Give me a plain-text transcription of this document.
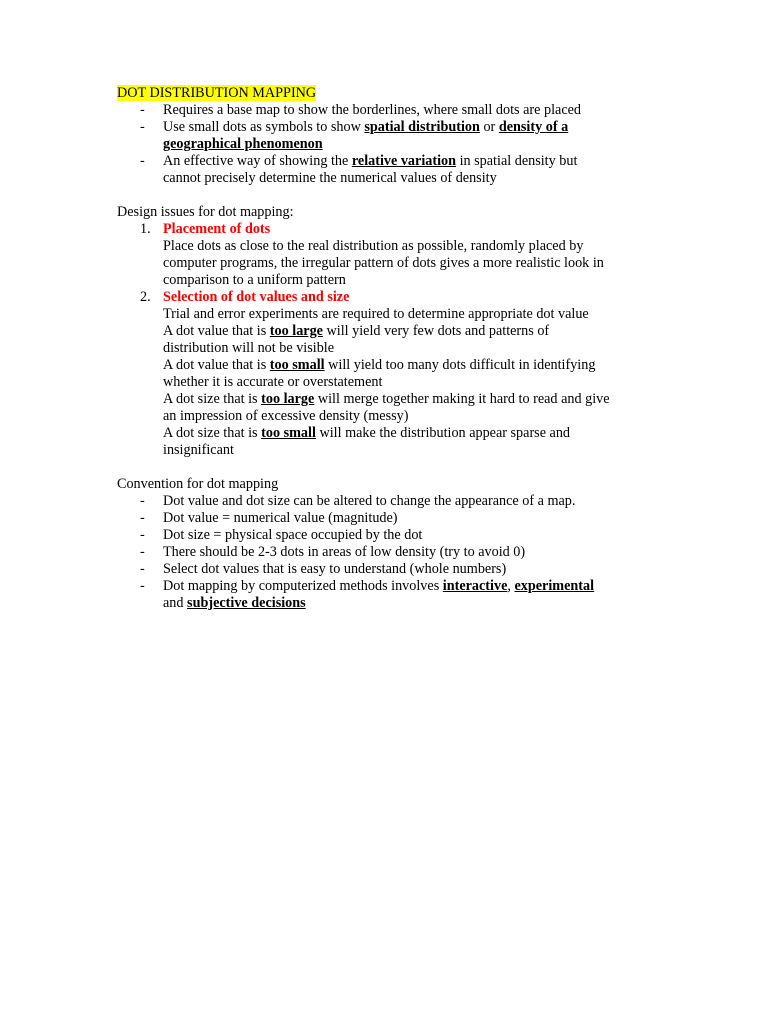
DOT DISTRIBUTION MAPPING
-	Requires a base map to show the borderlines, where small dots are placed
-	Use small dots as symbols to show spatial distribution or density of a
geographical phenomenon
-	An effective way of showing the relative variation in spatial density but
cannot precisely determine the numerical values of density
Design issues for dot mapping:
1. Placement of dots
Place dots as close to the real distribution as possible, randomly placed by
computer programs, the irregular pattern of dots gives a more realistic look in
comparison to a uniform pattern
2. Selection of dot values and size
Trial and error experiments are required to determine appropriate dot value
A dot value that is too large will yield very few dots and patterns of
distribution will not be visible
A dot value that is too small will yield too many dots difficult in identifying
whether it is accurate or overstatement
A dot size that is too large will merge together making it hard to read and give
an impression of excessive density (messy)
A dot size that is too small will make the distribution appear sparse and
insignificant
Convention for dot mapping
-	Dot value and dot size can be altered to change the appearance of a map.
-	Dot value = numerical value (magnitude)
-	Dot size = physical space occupied by the dot
-	There should be 2-3 dots in areas of low density (try to avoid 0)
-	Select dot values that is easy to understand (whole numbers)
-	Dot mapping by computerized methods involves interactive, experimental
and subjective decisions
